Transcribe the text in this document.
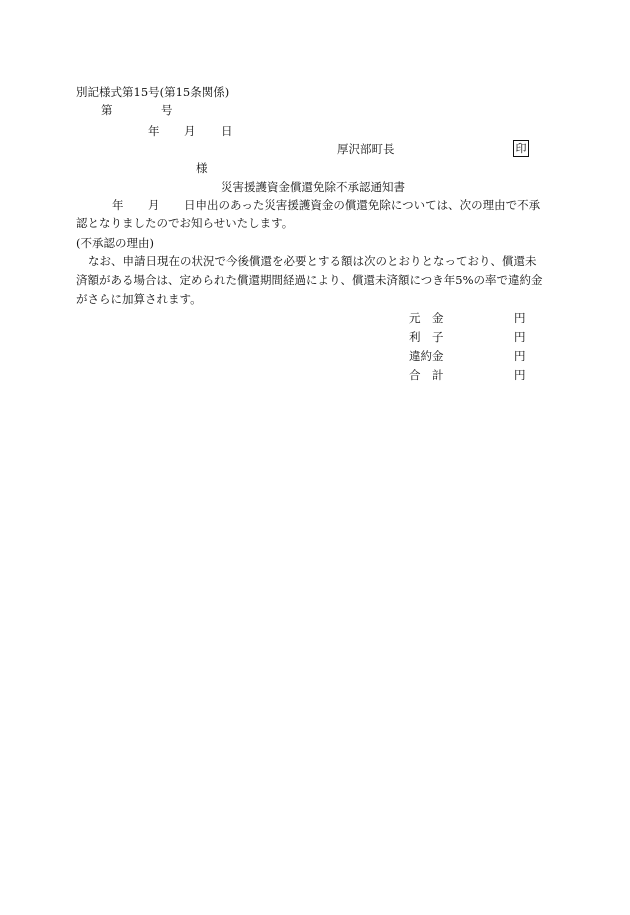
別記様式第15号(第15条関係)
第	号
年 月 日
厚沢部町長	印
様
災害援護資金償還免除不承認通知書
年 月 日申出のあった災害援護資金の償還免除については、次の理由で不承
認となりましたのでお知らせいたします。
(不承認の理由)
なお、申請日現在の状況で今後償還を必要とする額は次のとおりとなっており、償還未
済額がある場合は、定められた償還期間経過により、償還未済額につき年5%の率で違約金
がさらに加算されます。
元　金	円
利　子	円
違約金	円
合　計	円
